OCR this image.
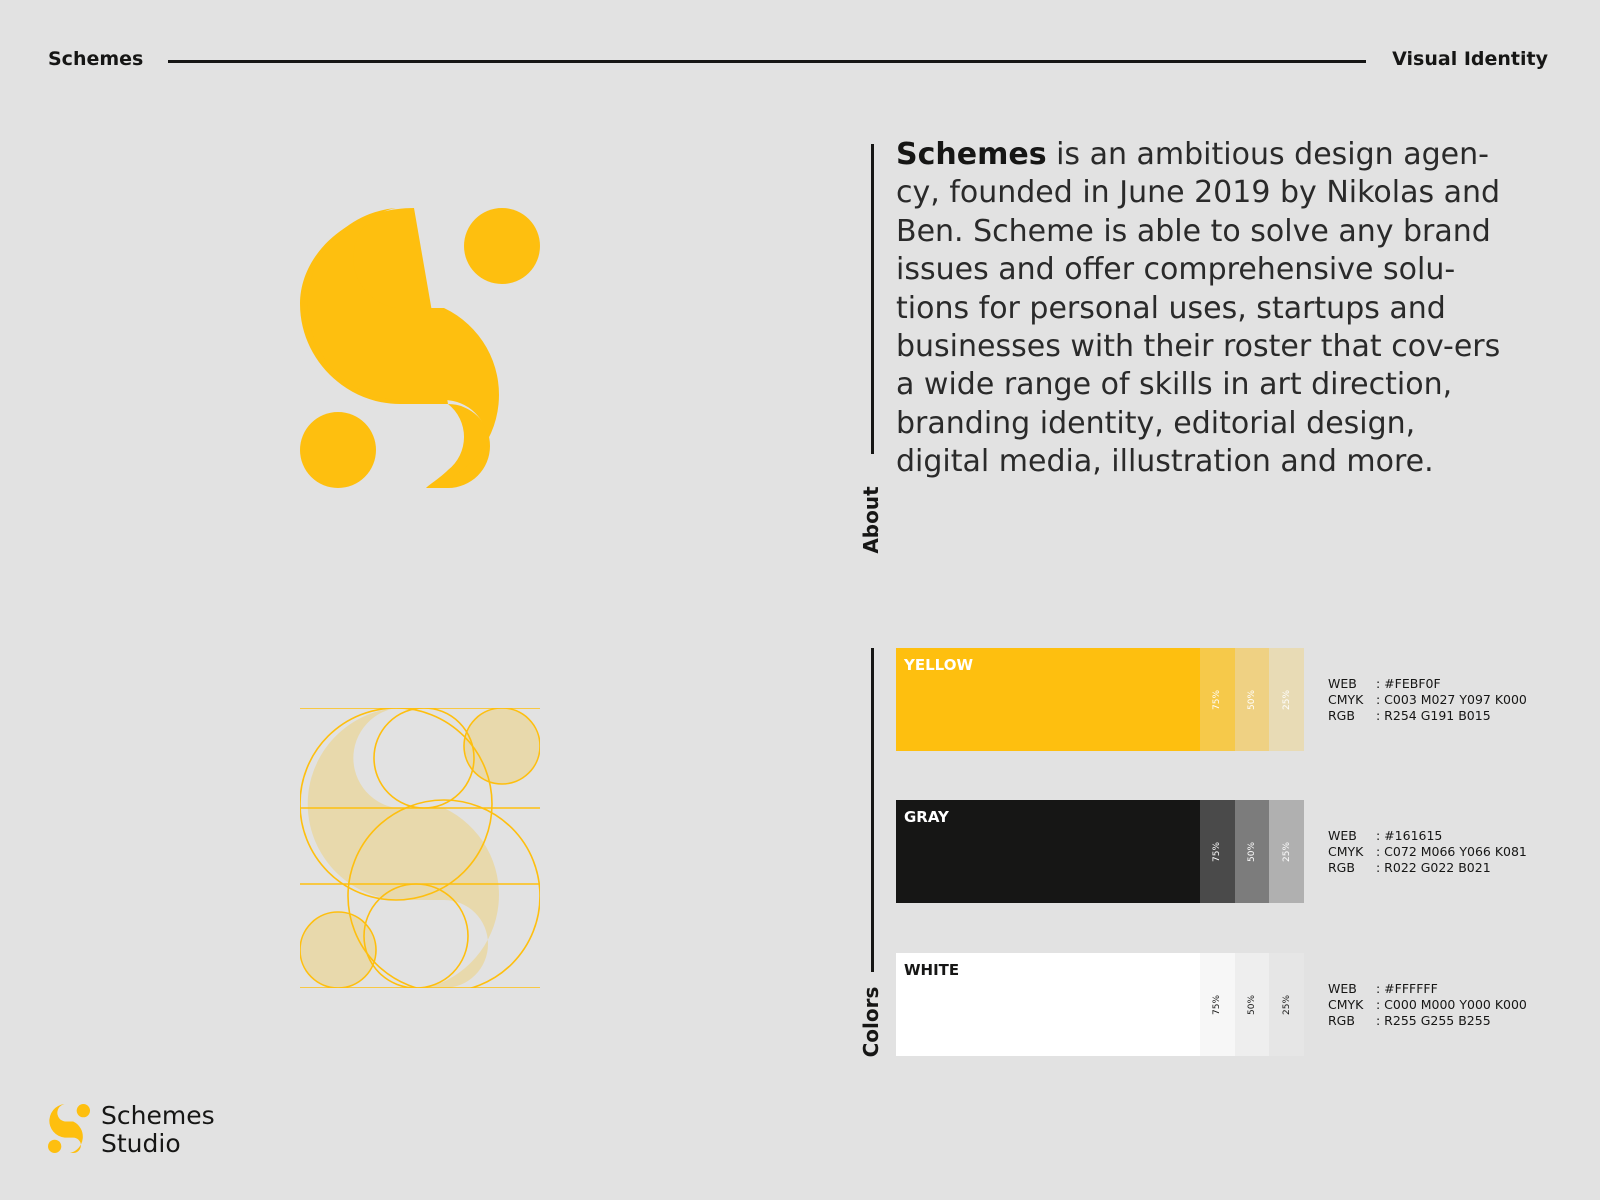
Schemes	Visual Identity
About
Schemes is an ambitious design agen-cy, founded in June 2019 by Nikolas and Ben. Scheme is able to solve any brand issues and offer comprehensive solu-tions for personal uses, startups and businesses with their roster that cov-ers a wide range of skills in art direction, branding identity, editorial design, digital media, illustration and more.
Colors
YELLOW
75%	50%	25%
WEB	: #FEBF0F
CMYK	: C003 M027 Y097 K000
RGB	: R254 G191 B015
GRAY
75%	50%	25%
WEB	: #161615
CMYK	: C072 M066 Y066 K081
RGB	: R022 G022 B021
WHITE
75%	50%	25%
WEB	: #FFFFFF
CMYK	: C000 M000 Y000 K000
RGB	: R255 G255 B255
Schemes
Studio
